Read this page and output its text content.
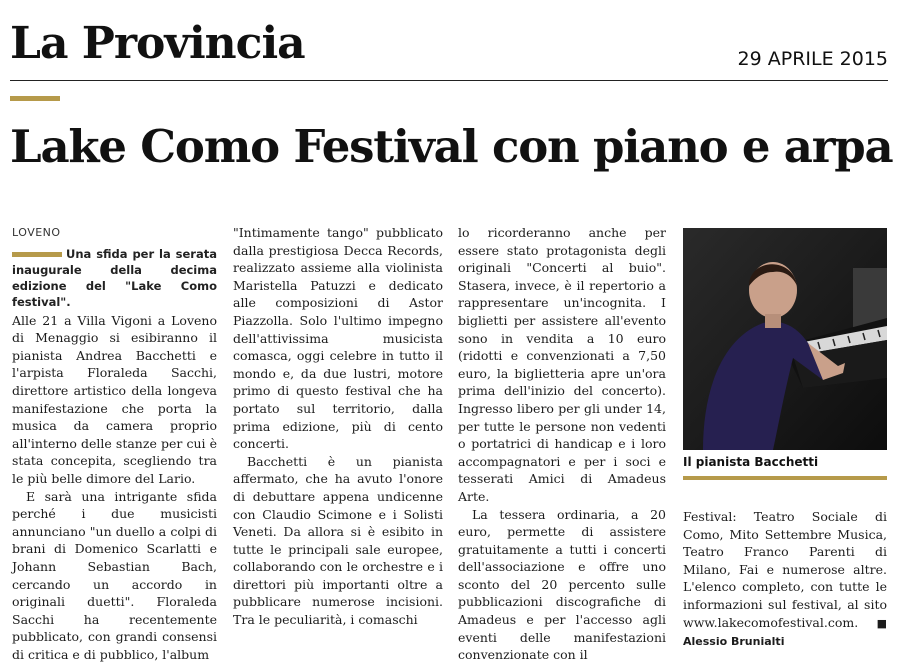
La Provincia	29 APRILE 2015
Lake Como Festival con piano e arpa
LOVENO
Una sfida per la serata inaugurale della decima edizione del "Lake Como festival".

Alle 21 a Villa Vigoni a Loveno di Menaggio si esibiranno il pianista Andrea Bacchetti e l'arpista Floraleda Sacchi, direttore artistico della longeva manifestazione che porta la musica da camera proprio all'interno delle stanze per cui è stata concepita, scegliendo tra le più belle dimore del Lario.

E sarà una intrigante sfida perché i due musicisti annunciano "un duello a colpi di brani di Domenico Scarlatti e Johann Sebastian Bach, cercando un accordo in originali duetti". Floraleda Sacchi ha recentemente pubblicato, con grandi consensi di critica e di pubblico, l'album

"Intimamente tango" pubblicato dalla prestigiosa Decca Records, realizzato assieme alla violinista Maristella Patuzzi e dedicato alle composizioni di Astor Piazzolla. Solo l'ultimo impegno dell'attivissima musicista comasca, oggi celebre in tutto il mondo e, da due lustri, motore primo di questo festival che ha portato sul territorio, dalla prima edizione, più di cento concerti.

Bacchetti è un pianista affermato, che ha avuto l'onore di debuttare appena undicenne con Claudio Scimone e i Solisti Veneti. Da allora si è esibito in tutte le principali sale europee, collaborando con le orchestre e i direttori più importanti oltre a pubblicare numerose incisioni. Tra le peculiarità, i comaschi

lo ricorderanno anche per essere stato protagonista degli originali "Concerti al buio". Stasera, invece, è il repertorio a rappresentare un'incognita. I biglietti per assistere all'evento sono in vendita a 10 euro (ridotti e convenzionati a 7,50 euro, la biglietteria apre un'ora prima dell'inizio del concerto). Ingresso libero per gli under 14, per tutte le persone non vedenti o portatrici di handicap e i loro accompagnatori e per i soci e tesserati Amici di Amadeus Arte.

La tessera ordinaria, a 20 euro, permette di assistere gratuitamente a tutti i concerti dell'associazione e offre uno sconto del 20 percento sulle pubblicazioni discografiche di Amadeus e per l'accesso agli eventi delle manifestazioni convenzionate con il

Il pianista Bacchetti

Festival: Teatro Sociale di Como, Mito Settembre Musica, Teatro Franco Parenti di Milano, Fai e numerose altre. L'elenco completo, con tutte le informazioni sul festival, al sito www.lakecomofestival.com. ■ Alessio Brunialti
